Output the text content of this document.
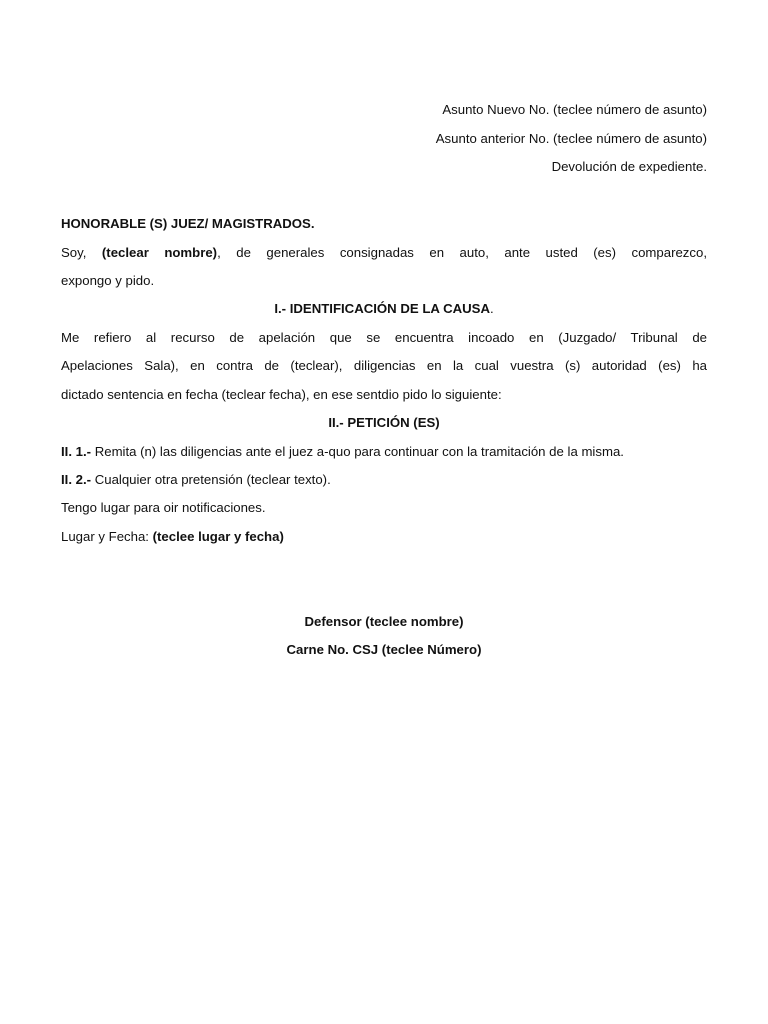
Asunto Nuevo No. (teclee número de asunto)
Asunto anterior No. (teclee número de asunto)
Devolución de expediente.
HONORABLE (S) JUEZ/ MAGISTRADOS.
Soy, (teclear nombre), de generales consignadas en auto, ante usted (es) comparezco,
expongo y pido.
I.- IDENTIFICACIÓN DE LA CAUSA.
Me refiero al recurso de apelación que se encuentra incoado en (Juzgado/ Tribunal de
Apelaciones Sala), en contra de (teclear), diligencias en la cual vuestra (s) autoridad (es) ha
dictado sentencia en fecha (teclear fecha), en ese sentdio pido lo siguiente:
II.- PETICIÓN (ES)
II. 1.- Remita (n) las diligencias ante el juez a-quo para continuar con la tramitación de la misma.
II. 2.- Cualquier otra pretensión (teclear texto).
Tengo lugar para oir notificaciones.
Lugar y Fecha: (teclee lugar y fecha)
Defensor (teclee nombre)
Carne No. CSJ (teclee Número)
